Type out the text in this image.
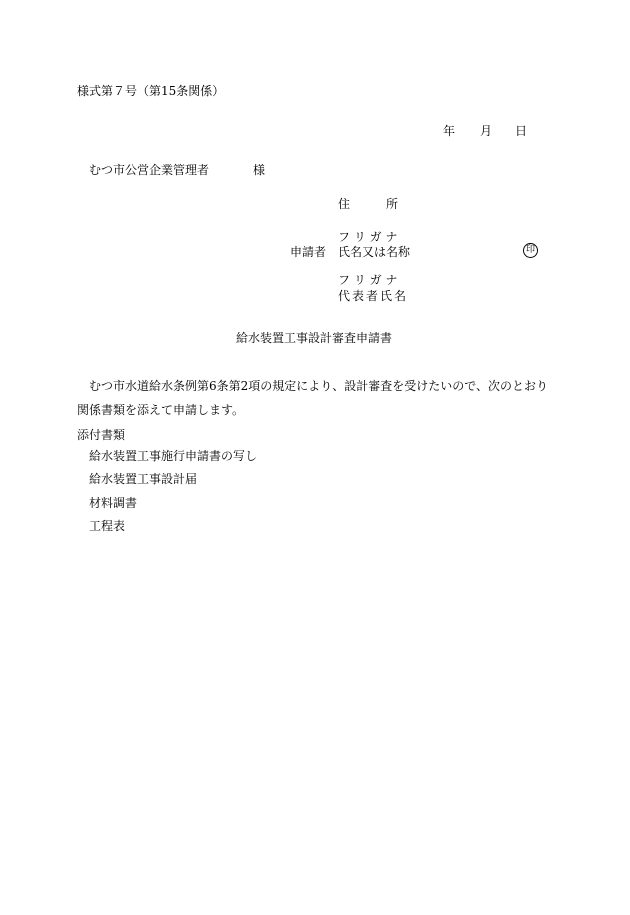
様式第７号（第15条関係）
年 月 日
むつ市公営企業管理者	様
住　　　所
フ リ ガ ナ
申請者 氏名又は名称	印
フ リ ガ ナ
代表者氏名
給水装置工事設計審査申請書
むつ市水道給水条例第6条第2項の規定により、設計審査を受けたいので、次のとおり関係書類を添えて申請します。
添付書類
給水装置工事施行申請書の写し
給水装置工事設計届
材料調書
工程表
